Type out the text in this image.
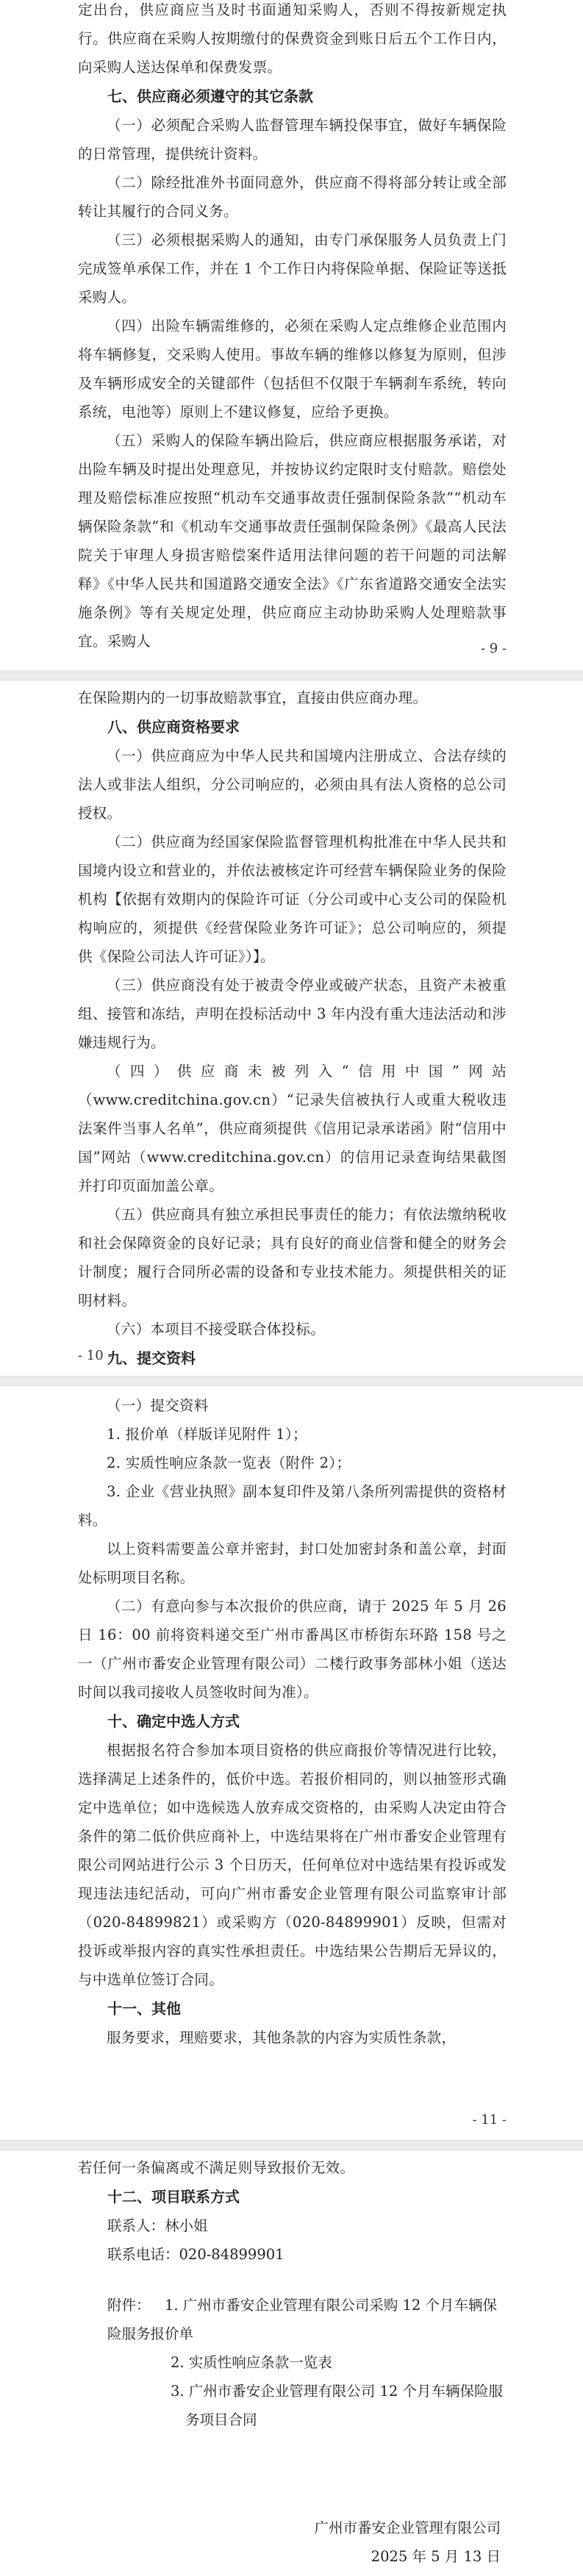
定出台，供应商应当及时书面通知采购人，否则不得按新规定执行。供应商在采购人按期缴付的保费资金到账日后五个工作日内，向采购人送达保单和保费发票。

七、供应商必须遵守的其它条款

（一）必须配合采购人监督管理车辆投保事宜，做好车辆保险的日常管理，提供统计资料。

（二）除经批准外书面同意外，供应商不得将部分转让或全部转让其履行的合同义务。

（三）必须根据采购人的通知，由专门承保服务人员负责上门完成签单承保工作，并在 1 个工作日内将保险单据、保险证等送抵采购人。

（四）出险车辆需维修的，必须在采购人定点维修企业范围内将车辆修复，交采购人使用。事故车辆的维修以修复为原则，但涉及车辆形成安全的关键部件（包括但不仅限于车辆刹车系统，转向系统，电池等）原则上不建议修复，应给予更换。

（五）采购人的保险车辆出险后，供应商应根据服务承诺，对出险车辆及时提出处理意见，并按协议约定限时支付赔款。赔偿处理及赔偿标准应按照“机动车交通事故责任强制保险条款”“机动车辆保险条款”和《机动车交通事故责任强制保险条例》《最高人民法院关于审理人身损害赔偿案件适用法律问题的若干问题的司法解释》《中华人民共和国道路交通安全法》《广东省道路交通安全法实施条例》等有关规定处理，供应商应主动协助采购人处理赔款事宜。采购人	- 9 -

在保险期内的一切事故赔款事宜，直接由供应商办理。

八、供应商资格要求

（一）供应商应为中华人民共和国境内注册成立、合法存续的法人或非法人组织，分公司响应的，必须由具有法人资格的总公司授权。

（二）供应商为经国家保险监督管理机构批准在中华人民共和国境内设立和营业的，并依法被核定许可经营车辆保险业务的保险机构【依据有效期内的保险许可证（分公司或中心支公司的保险机构响应的，须提供《经营保险业务许可证》；总公司响应的，须提供《保险公司法人许可证》）】。

（三）供应商没有处于被责令停业或破产状态，且资产未被重组、接管和冻结，声明在投标活动中 3 年内没有重大违法活动和涉嫌违规行为。

（四）供应商未被列入“信用中国”网站（www.creditchina.gov.cn）“记录失信被执行人或重大税收违法案件当事人名单”，供应商须提供《信用记录承诺函》附“信用中国”网站（www.creditchina.gov.cn）的信用记录查询结果截图并打印页面加盖公章。

（五）供应商具有独立承担民事责任的能力；有依法缴纳税收和社会保障资金的良好记录；具有良好的商业信誉和健全的财务会计制度；履行合同所必需的设备和专业技术能力。须提供相关的证明材料。

（六）本项目不接受联合体投标。

九、提交资料

- 10 -

（一）提交资料

1. 报价单（样版详见附件 1）；

2. 实质性响应条款一览表（附件 2）；

3. 企业《营业执照》副本复印件及第八条所列需提供的资格材料。

以上资料需要盖公章并密封，封口处加密封条和盖公章，封面处标明项目名称。

（二）有意向参与本次报价的供应商，请于 2025 年 5 月 26 日 16：00 前将资料递交至广州市番禺区市桥街东环路 158 号之一（广州市番安企业管理有限公司）二楼行政事务部林小姐（送达时间以我司接收人员签收时间为准）。

十、确定中选人方式

根据报名符合参加本项目资格的供应商报价等情况进行比较，选择满足上述条件的，低价中选。若报价相同的，则以抽签形式确定中选单位；如中选候选人放弃成交资格的，由采购人决定由符合条件的第二低价供应商补上，中选结果将在广州市番安企业管理有限公司网站进行公示 3 个日历天，任何单位对中选结果有投诉或发现违法违纪活动，可向广州市番安企业管理有限公司监察审计部（020-84899821）或采购方（020-84899901）反映，但需对投诉或举报内容的真实性承担责任。中选结果公告期后无异议的，与中选单位签订合同。

十一、其他

服务要求，理赔要求，其他条款的内容为实质性条款，

- 11 -

若任何一条偏离或不满足则导致报价无效。

十二、项目联系方式

联系人：林小姐

联系电话：020-84899901

附件： 1. 广州市番安企业管理有限公司采购 12 个月车辆保险服务报价单
2. 实质性响应条款一览表
3. 广州市番安企业管理有限公司 12 个月车辆保险服务项目合同
广州市番安企业管理有限公司
2025 年 5 月 13 日
